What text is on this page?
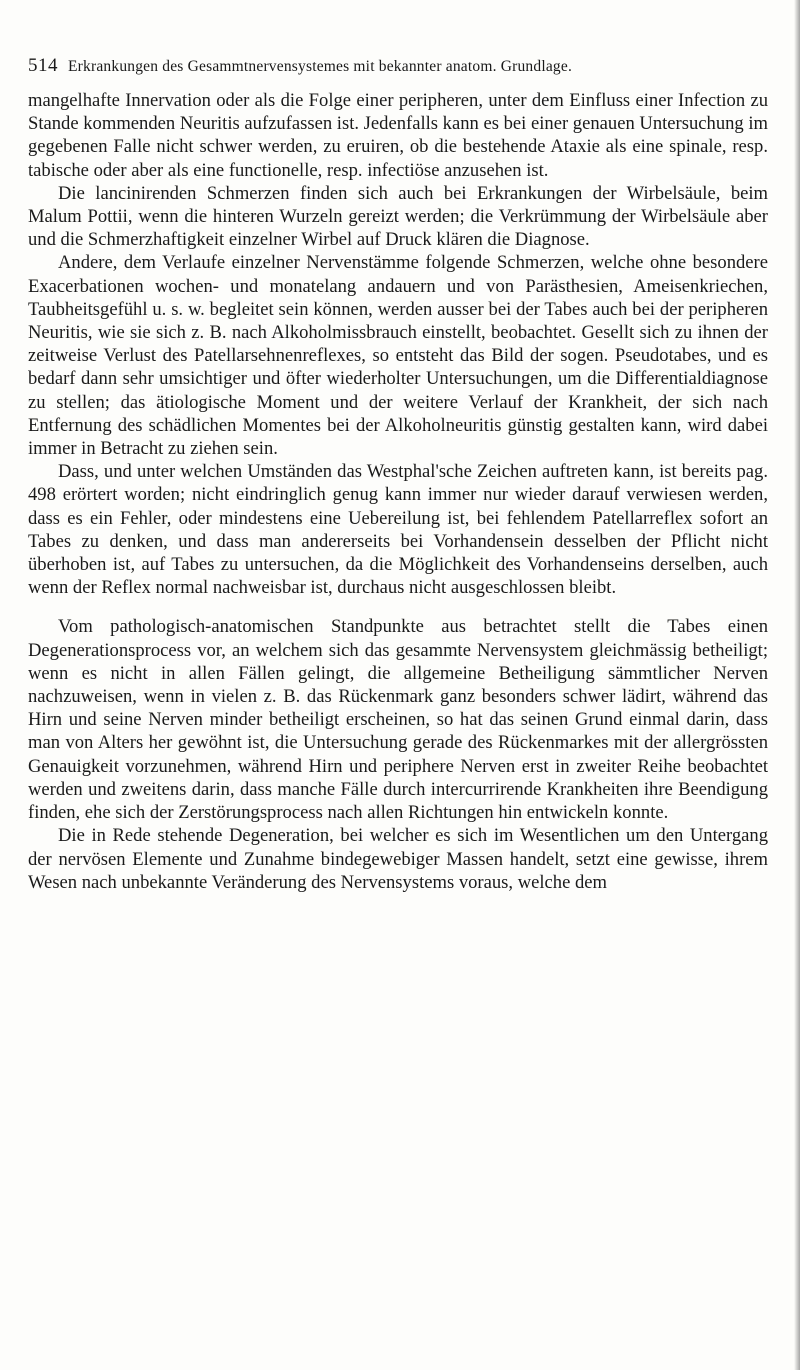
514 Erkrankungen des Gesammtnervensystemes mit bekannter anatom. Grundlage.

mangelhafte Innervation oder als die Folge einer peripheren, unter dem Einfluss einer Infection zu Stande kommenden Neuritis aufzufassen ist. Jedenfalls kann es bei einer genauen Untersuchung im gegebenen Falle nicht schwer werden, zu eruiren, ob die bestehende Ataxie als eine spinale, resp. tabische oder aber als eine functionelle, resp. infectiöse anzusehen ist.

Die lancinirenden Schmerzen finden sich auch bei Erkrankungen der Wirbelsäule, beim Malum Pottii, wenn die hinteren Wurzeln gereizt werden; die Verkrümmung der Wirbelsäule aber und die Schmerzhaftigkeit einzelner Wirbel auf Druck klären die Diagnose.

Andere, dem Verlaufe einzelner Nervenstämme folgende Schmerzen, welche ohne besondere Exacerbationen wochen- und monatelang andauern und von Parästhesien, Ameisenkriechen, Taubheitsgefühl u. s. w. begleitet sein können, werden ausser bei der Tabes auch bei der peripheren Neuritis, wie sie sich z. B. nach Alkoholmissbrauch einstellt, beobachtet. Gesellt sich zu ihnen der zeitweise Verlust des Patellarsehnenreflexes, so entsteht das Bild der sogen. Pseudotabes, und es bedarf dann sehr umsichtiger und öfter wiederholter Untersuchungen, um die Differentialdiagnose zu stellen; das ätiologische Moment und der weitere Verlauf der Krankheit, der sich nach Entfernung des schädlichen Momentes bei der Alkoholneuritis günstig gestalten kann, wird dabei immer in Betracht zu ziehen sein.

Dass, und unter welchen Umständen das Westphal'sche Zeichen auftreten kann, ist bereits pag. 498 erörtert worden; nicht eindringlich genug kann immer nur wieder darauf verwiesen werden, dass es ein Fehler, oder mindestens eine Uebereilung ist, bei fehlendem Patellarreflex sofort an Tabes zu denken, und dass man andererseits bei Vorhandensein desselben der Pflicht nicht überhoben ist, auf Tabes zu untersuchen, da die Möglichkeit des Vorhandenseins derselben, auch wenn der Reflex normal nachweisbar ist, durchaus nicht ausgeschlossen bleibt.

Vom pathologisch-anatomischen Standpunkte aus betrachtet stellt die Tabes einen Degenerationsprocess vor, an welchem sich das gesammte Nervensystem gleichmässig betheiligt; wenn es nicht in allen Fällen gelingt, die allgemeine Betheiligung sämmtlicher Nerven nachzuweisen, wenn in vielen z. B. das Rückenmark ganz besonders schwer lädirt, während das Hirn und seine Nerven minder betheiligt erscheinen, so hat das seinen Grund einmal darin, dass man von Alters her gewöhnt ist, die Untersuchung gerade des Rückenmarkes mit der allergrössten Genauigkeit vorzunehmen, während Hirn und periphere Nerven erst in zweiter Reihe beobachtet werden und zweitens darin, dass manche Fälle durch intercurrirende Krankheiten ihre Beendigung finden, ehe sich der Zerstörungsprocess nach allen Richtungen hin entwickeln konnte.

Die in Rede stehende Degeneration, bei welcher es sich im Wesentlichen um den Untergang der nervösen Elemente und Zunahme bindegewebiger Massen handelt, setzt eine gewisse, ihrem Wesen nach unbekannte Veränderung des Nervensystems voraus, welche dem
